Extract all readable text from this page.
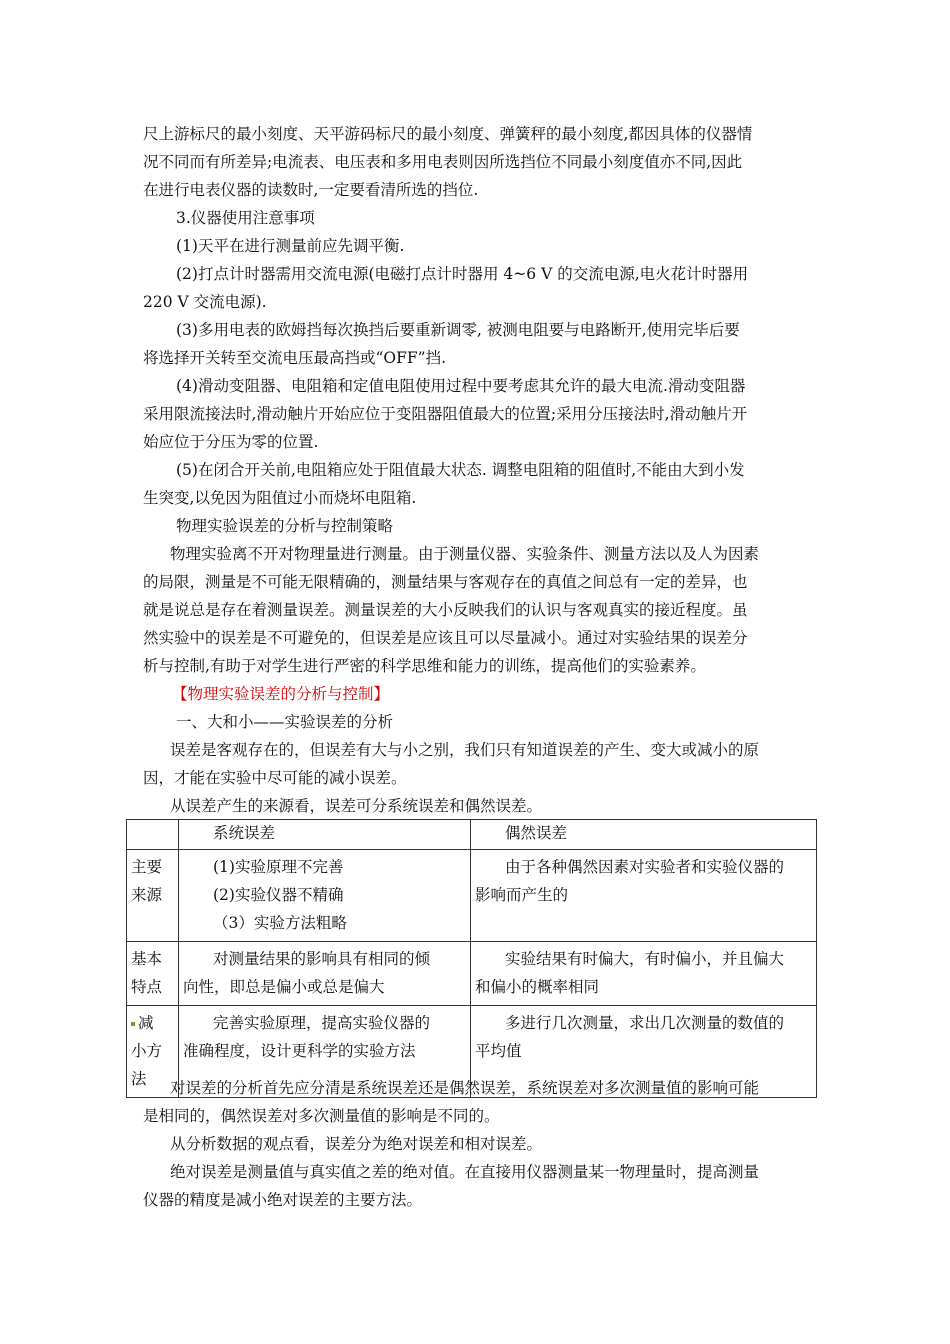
尺上游标尺的最小刻度、天平游码标尺的最小刻度、弹簧秤的最小刻度,都因具体的仪器情
况不同而有所差异;电流表、电压表和多用电表则因所选挡位不同最小刻度值亦不同,因此
在进行电表仪器的读数时,一定要看清所选的挡位.
3.仪器使用注意事项
(1)天平在进行测量前应先调平衡.
(2)打点计时器需用交流电源(电磁打点计时器用 4~6 V 的交流电源,电火花计时器用
220 V 交流电源).
(3)多用电表的欧姆挡每次换挡后要重新调零, 被测电阻要与电路断开,使用完毕后要
将选择开关转至交流电压最高挡或“OFF”挡.
(4)滑动变阻器、电阻箱和定值电阻使用过程中要考虑其允许的最大电流.滑动变阻器
采用限流接法时,滑动触片开始应位于变阻器阻值最大的位置;采用分压接法时,滑动触片开
始应位于分压为零的位置.
(5)在闭合开关前,电阻箱应处于阻值最大状态. 调整电阻箱的阻值时,不能由大到小发
生突变,以免因为阻值过小而烧坏电阻箱.
物理实验误差的分析与控制策略
物理实验离不开对物理量进行测量。由于测量仪器、实验条件、测量方法以及人为因素
的局限，测量是不可能无限精确的，测量结果与客观存在的真值之间总有一定的差异，也
就是说总是存在着测量误差。测量误差的大小反映我们的认识与客观真实的接近程度。虽
然实验中的误差是不可避免的，但误差是应该且可以尽量减小。通过对实验结果的误差分
析与控制,有助于对学生进行严密的科学思维和能力的训练，提高他们的实验素养。
【物理实验误差的分析与控制】
一、大和小——实验误差的分析
误差是客观存在的，但误差有大与小之别，我们只有知道误差的产生、变大或减小的原
因，才能在实验中尽可能的减小误差。
从误差产生的来源看，误差可分系统误差和偶然误差。

	系统误差	偶然误差

主要
来源	(1)实验原理不完善
(2)实验仪器不精确
（3）实验方法粗略	由于各种偶然因素对实验者和实验仪器的
影响而产生的

基本
特点	对测量结果的影响具有相同的倾
向性，即总是偏小或总是偏大	实验结果有时偏大，有时偏小，并且偏大
和偏小的概率相同

减
小方
法	完善实验原理，提高实验仪器的
准确程度，设计更科学的实验方法	多进行几次测量，求出几次测量的数值的
平均值
对误差的分析首先应分清是系统误差还是偶然误差，系统误差对多次测量值的影响可能
是相同的，偶然误差对多次测量值的影响是不同的。
从分析数据的观点看，误差分为绝对误差和相对误差。
绝对误差是测量值与真实值之差的绝对值。在直接用仪器测量某一物理量时，提高测量
仪器的精度是减小绝对误差的主要方法。
